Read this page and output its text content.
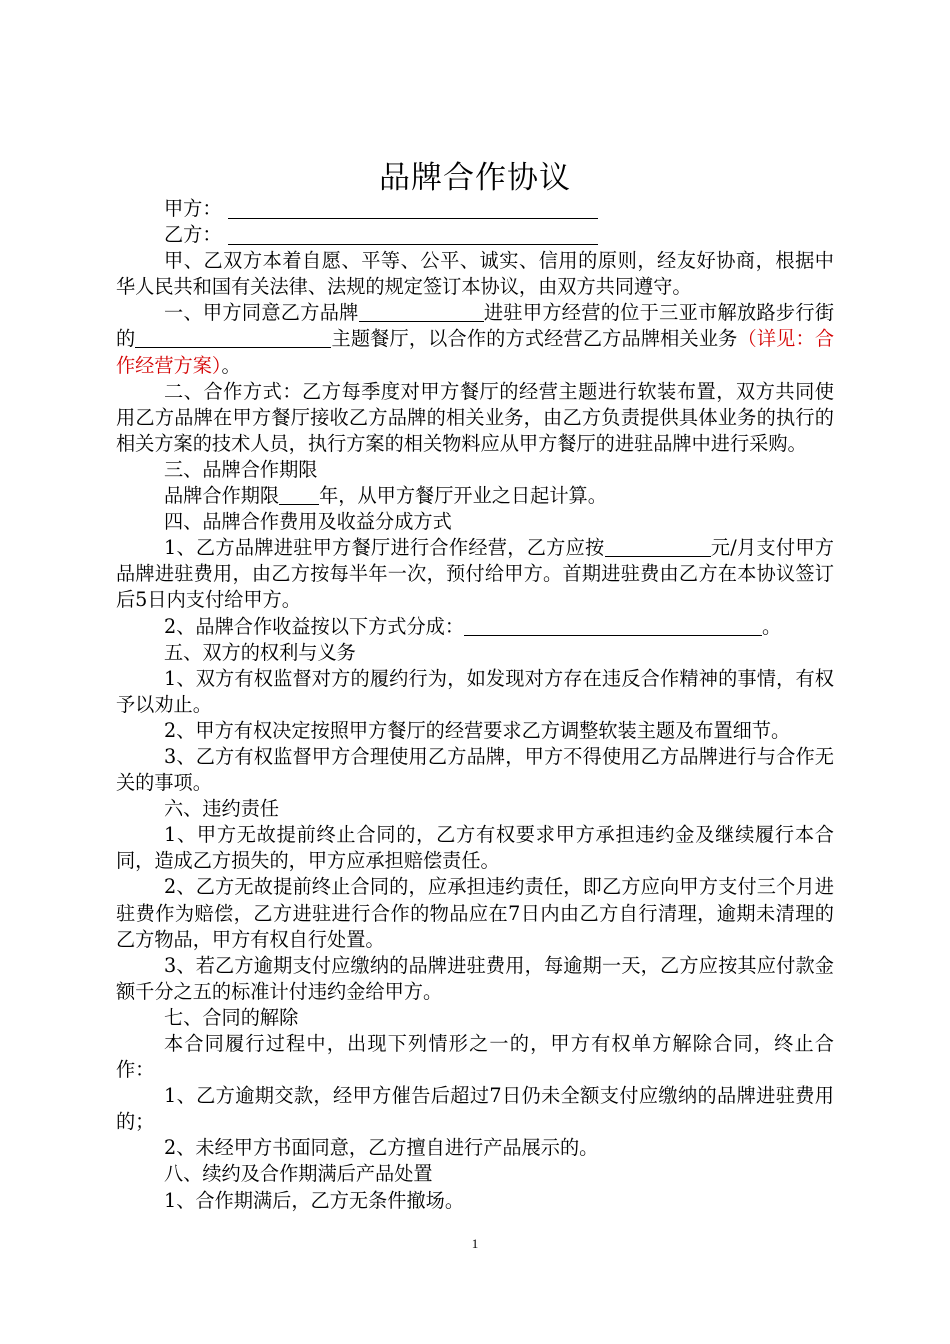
品牌合作协议
甲方：
乙方：

甲、乙双方本着自愿、平等、公平、诚实、信用的原则，经友好协商，根据中华人民共和国有关法律、法规的规定签订本协议，由双方共同遵守。

一、甲方同意乙方品牌	进驻甲方经营的位于三亚市解放路步行街的	主题餐厅，以合作的方式经营乙方品牌相关业务（详见：合作经营方案）。

二、合作方式：乙方每季度对甲方餐厅的经营主题进行软装布置，双方共同使用乙方品牌在甲方餐厅接收乙方品牌的相关业务，由乙方负责提供具体业务的执行的相关方案的技术人员，执行方案的相关物料应从甲方餐厅的进驻品牌中进行采购。

三、品牌合作期限

品牌合作期限 年，从甲方餐厅开业之日起计算。

四、品牌合作费用及收益分成方式

1、乙方品牌进驻甲方餐厅进行合作经营，乙方应按	元/月支付甲方品牌进驻费用，由乙方按每半年一次，预付给甲方。首期进驻费由乙方在本协议签订后5日内支付给甲方。

2、品牌合作收益按以下方式分成：	。

五、双方的权利与义务

1、双方有权监督对方的履约行为，如发现对方存在违反合作精神的事情，有权予以劝止。

2、甲方有权决定按照甲方餐厅的经营要求乙方调整软装主题及布置细节。

3、乙方有权监督甲方合理使用乙方品牌，甲方不得使用乙方品牌进行与合作无关的事项。

六、违约责任

1、甲方无故提前终止合同的，乙方有权要求甲方承担违约金及继续履行本合同，造成乙方损失的，甲方应承担赔偿责任。

2、乙方无故提前终止合同的，应承担违约责任，即乙方应向甲方支付三个月进驻费作为赔偿，乙方进驻进行合作的物品应在7日内由乙方自行清理，逾期未清理的乙方物品，甲方有权自行处置。

3、若乙方逾期支付应缴纳的品牌进驻费用，每逾期一天，乙方应按其应付款金额千分之五的标准计付违约金给甲方。

七、合同的解除

本合同履行过程中，出现下列情形之一的，甲方有权单方解除合同，终止合作：

1、乙方逾期交款，经甲方催告后超过7日仍未全额支付应缴纳的品牌进驻费用的；

2、未经甲方书面同意，乙方擅自进行产品展示的。

八、续约及合作期满后产品处置

1、合作期满后，乙方无条件撤场。

1
